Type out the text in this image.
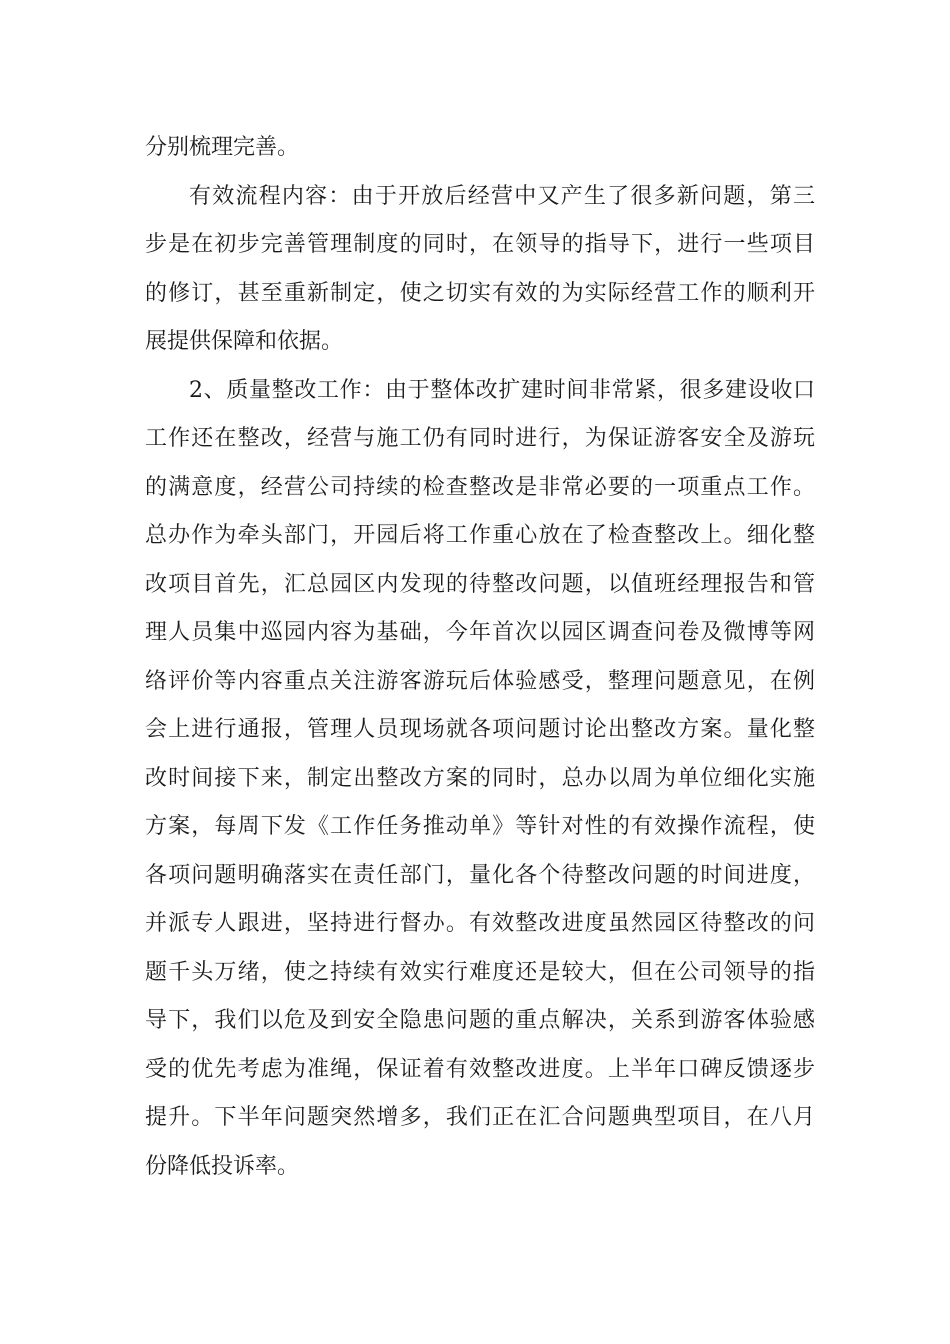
分别梳理完善。
有效流程内容：由于开放后经营中又产生了很多新问题，第三
步是在初步完善管理制度的同时，在领导的指导下，进行一些项目
的修订，甚至重新制定，使之切实有效的为实际经营工作的顺利开
展提供保障和依据。
2、质量整改工作：由于整体改扩建时间非常紧，很多建设收口
工作还在整改，经营与施工仍有同时进行，为保证游客安全及游玩
的满意度，经营公司持续的检查整改是非常必要的一项重点工作。
总办作为牵头部门，开园后将工作重心放在了检查整改上。细化整
改项目首先，汇总园区内发现的待整改问题，以值班经理报告和管
理人员集中巡园内容为基础，今年首次以园区调查问卷及微博等网
络评价等内容重点关注游客游玩后体验感受，整理问题意见，在例
会上进行通报，管理人员现场就各项问题讨论出整改方案。量化整
改时间接下来，制定出整改方案的同时，总办以周为单位细化实施
方案，每周下发《工作任务推动单》等针对性的有效操作流程，使
各项问题明确落实在责任部门，量化各个待整改问题的时间进度，
并派专人跟进，坚持进行督办。有效整改进度虽然园区待整改的问
题千头万绪，使之持续有效实行难度还是较大，但在公司领导的指
导下，我们以危及到安全隐患问题的重点解决，关系到游客体验感
受的优先考虑为准绳，保证着有效整改进度。上半年口碑反馈逐步
提升。下半年问题突然增多，我们正在汇合问题典型项目，在八月
份降低投诉率。
